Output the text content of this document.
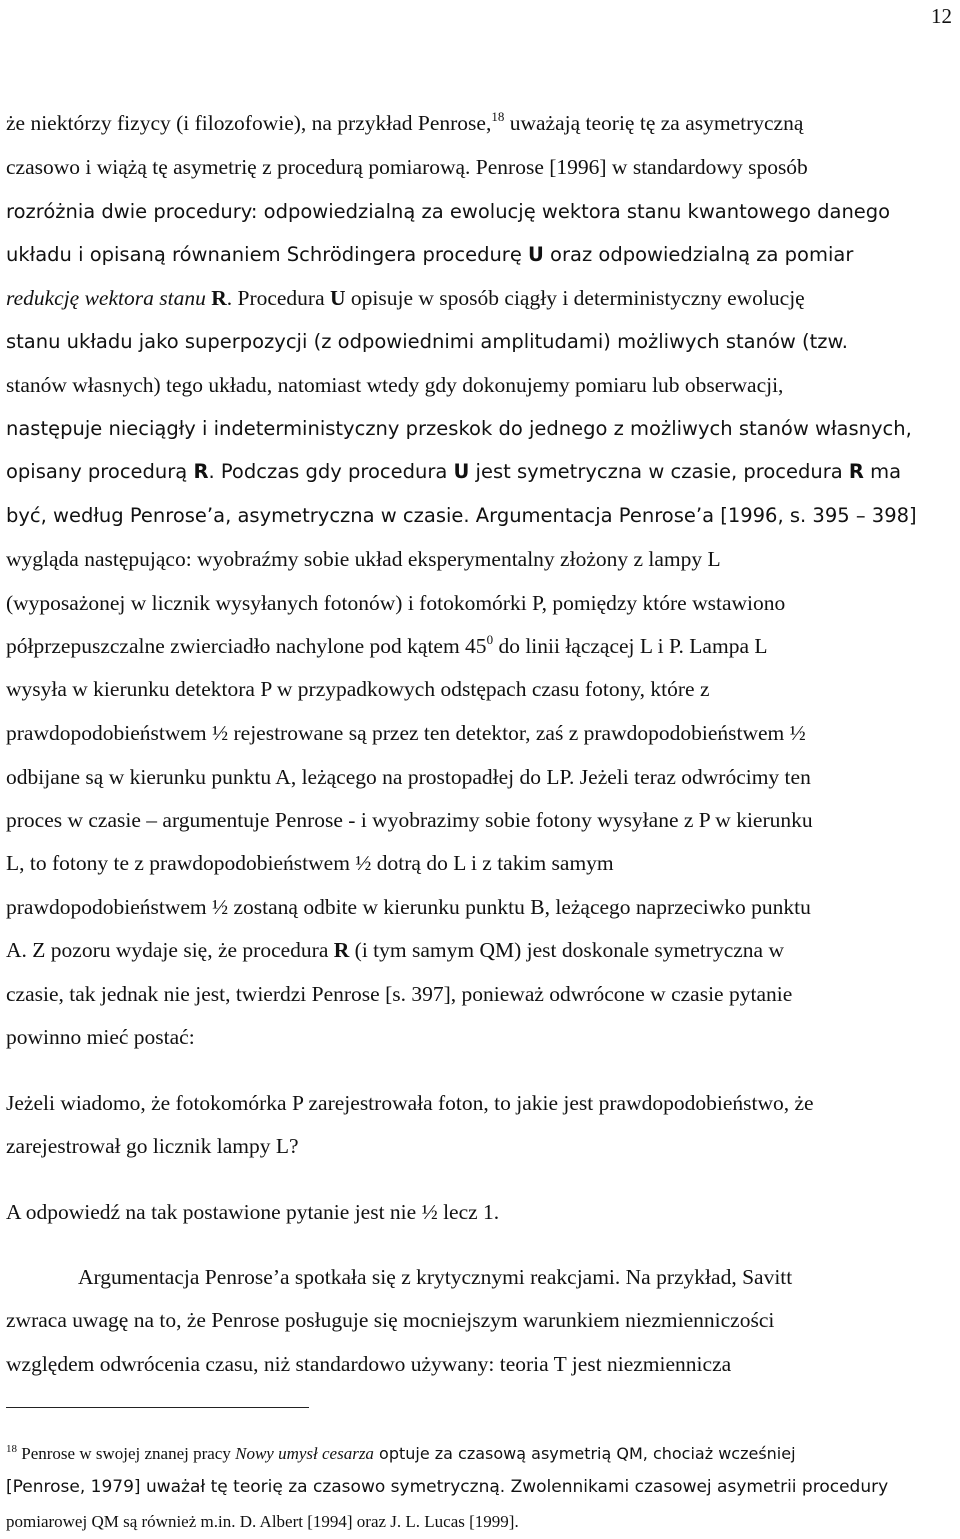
12
że niektórzy fizycy (i filozofowie), na przykład Penrose,$^{18}$ uważają teorię tę za asymetryczną
czasowo i wiążą tę asymetrię z procedurą pomiarową. Penrose [1996] w standardowy sposób
rozróżnia dwie procedury: odpowiedzialną za ewolucję wektora stanu kwantowego danego
układu i opisaną równaniem Schrödingera procedurę U oraz odpowiedzialną za pomiar
redukcję wektora stanu R. Procedura U opisuje w sposób ciągły i deterministyczny ewolucję
stanu układu jako superpozycji (z odpowiednimi amplitudami) możliwych stanów (tzw.
stanów własnych) tego układu, natomiast wtedy gdy dokonujemy pomiaru lub obserwacji,
następuje nieciągły i indeterministyczny przeskok do jednego z możliwych stanów własnych,
opisany procedurą R. Podczas gdy procedura U jest symetryczna w czasie, procedura R ma
być, według Penrose’a, asymetryczna w czasie. Argumentacja Penrose’a [1996, s. 395 – 398]
wygląda następująco: wyobraźmy sobie układ eksperymentalny złożony z lampy L
(wyposażonej w licznik wysyłanych fotonów) i fotokomórki P, pomiędzy które wstawiono
półprzepuszczalne zwierciadło nachylone pod kątem $45^0$ do linii łączącej L i P. Lampa L
wysyła w kierunku detektora P w przypadkowych odstępach czasu fotony, które z
prawdopodobieństwem ½ rejestrowane są przez ten detektor, zaś z prawdopodobieństwem ½
odbijane są w kierunku punktu A, leżącego na prostopadłej do LP. Jeżeli teraz odwrócimy ten
proces w czasie – argumentuje Penrose - i wyobrazimy sobie fotony wysyłane z P w kierunku
L, to fotony te z prawdopodobieństwem ½ dotrą do L i z takim samym
prawdopodobieństwem ½ zostaną odbite w kierunku punktu B, leżącego naprzeciwko punktu
A. Z pozoru wydaje się, że procedura R (i tym samym QM) jest doskonale symetryczna w
czasie, tak jednak nie jest, twierdzi Penrose [s. 397], ponieważ odwrócone w czasie pytanie
powinno mieć postać:
Jeżeli wiadomo, że fotokomórka P zarejestrowała foton, to jakie jest prawdopodobieństwo, że
zarejestrował go licznik lampy L?
A odpowiedź na tak postawione pytanie jest nie ½ lecz 1.
Argumentacja Penrose’a spotkała się z krytycznymi reakcjami. Na przykład, Savitt
zwraca uwagę na to, że Penrose posługuje się mocniejszym warunkiem niezmienniczości
względem odwrócenia czasu, niż standardowo używany: teoria T jest niezmiennicza
$^{18}$ Penrose w swojej znanej pracy Nowy umysł cesarza optuje za czasową asymetrią QM, chociaż wcześniej
[Penrose, 1979] uważał tę teorię za czasowo symetryczną. Zwolennikami czasowej asymetrii procedury
pomiarowej QM są również m.in. D. Albert [1994] oraz J. L. Lucas [1999].
